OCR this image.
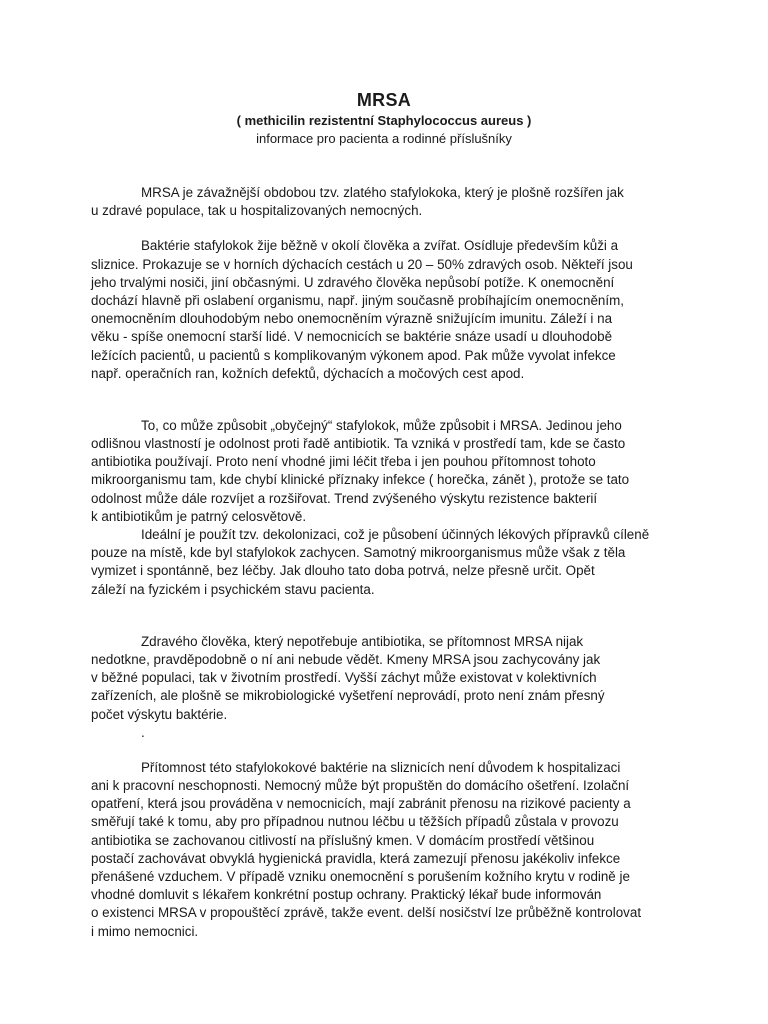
MRSA
( methicilin rezistentní Staphylococcus aureus )
informace pro pacienta a rodinné příslušníky
MRSA je závažnější obdobou tzv. zlatého stafylokoka, který je plošně rozšířen jak
u zdravé populace, tak u hospitalizovaných nemocných.
Baktérie stafylokok žije běžně v okolí člověka a zvířat. Osídluje především kůži a
sliznice. Prokazuje se v horních dýchacích cestách u 20 – 50% zdravých osob. Někteří jsou
jeho trvalými nosiči, jiní občasnými. U zdravého člověka nepůsobí potíže. K onemocnění
dochází hlavně při oslabení organismu, např. jiným současně probíhajícím onemocněním,
onemocněním dlouhodobým nebo onemocněním výrazně snižujícím imunitu. Záleží i na
věku - spíše onemocní starší lidé. V nemocnicích se baktérie snáze usadí u dlouhodobě
ležících pacientů, u pacientů s komplikovaným výkonem apod. Pak může vyvolat infekce
např. operačních ran, kožních defektů, dýchacích a močových cest apod.
To, co může způsobit „obyčejný“ stafylokok, může způsobit i MRSA. Jedinou jeho
odlišnou vlastností je odolnost proti řadě antibiotik. Ta vzniká v prostředí tam, kde se často
antibiotika používají. Proto není vhodné jimi léčit třeba i jen pouhou přítomnost tohoto
mikroorganismu tam, kde chybí klinické příznaky infekce ( horečka, zánět ), protože se tato
odolnost může dále rozvíjet a rozšiřovat. Trend zvýšeného výskytu rezistence bakterií
k antibiotikům je patrný celosvětově.
Ideální je použít tzv. dekolonizaci, což je působení účinných lékových přípravků cíleně
pouze na místě, kde byl stafylokok zachycen. Samotný mikroorganismus může však z těla
vymizet i spontánně, bez léčby. Jak dlouho tato doba potrvá, nelze přesně určit. Opět
záleží na fyzickém i psychickém stavu pacienta.
Zdravého člověka, který nepotřebuje antibiotika, se přítomnost MRSA nijak
nedotkne, pravděpodobně o ní ani nebude vědět. Kmeny MRSA jsou zachycovány jak
v běžné populaci, tak v životním prostředí. Vyšší záchyt může existovat v kolektivních
zařízeních, ale plošně se mikrobiologické vyšetření neprovádí, proto není znám přesný
počet výskytu baktérie.
.
Přítomnost této stafylokokové baktérie na sliznicích není důvodem k hospitalizaci
ani k pracovní neschopnosti. Nemocný může být propuštěn do domácího ošetření. Izolační
opatření, která jsou prováděna v nemocnicích, mají zabránit přenosu na rizikové pacienty a
směřují také k tomu, aby pro případnou nutnou léčbu u těžších případů zůstala v provozu
antibiotika se zachovanou citlivostí na příslušný kmen. V domácím prostředí většinou
postačí zachovávat obvyklá hygienická pravidla, která zamezují přenosu jakékoliv infekce
přenášené vzduchem. V případě vzniku onemocnění s porušením kožního krytu v rodině je
vhodné domluvit s lékařem konkrétní postup ochrany. Praktický lékař bude informován
o existenci MRSA v propouštěcí zprávě, takže event. delší nosičství lze průběžně kontrolovat
i mimo nemocnici.
